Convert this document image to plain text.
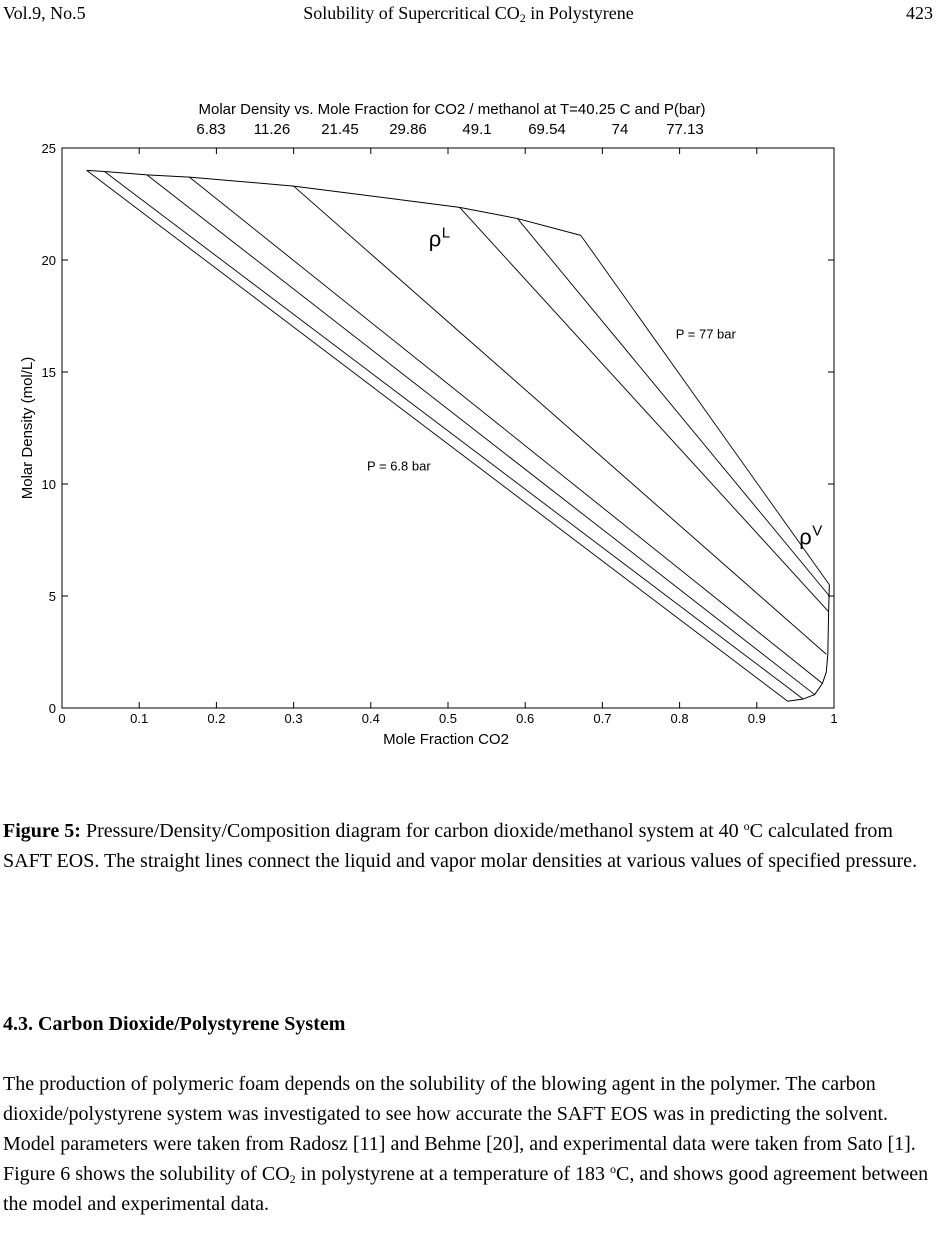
Vol.9, No.5	Solubility of Supercritical $CO_2$ in Polystyrene	423
Molar Density vs. Mole Fraction for CO2 / methanol at T=40.25 C and P(bar)
6.83 11.26 21.45 29.86 49.1 69.54	74	77.13
0	0.1	0.2	0.3	0.4	0.5	0.6	0.7	0.8	0.9	1
0
5
10
15
20
25
ρ L
ρ V
P = 77 bar
P = 6.8 bar
Mole Fraction CO2
Molar Density (mol/L)
Figure 5: Pressure/Density/Composition diagram for carbon dioxide/methanol system at 40 $^o$C calculated from SAFT EOS. The straight lines connect the liquid and vapor molar densities at various values of specified pressure.
4.3. Carbon Dioxide/Polystyrene System
The production of polymeric foam depends on the solubility of the blowing agent in the polymer. The carbon dioxide/polystyrene system was investigated to see how accurate the SAFT EOS was in predicting the solvent. Model parameters were taken from Radosz [11] and Behme [20], and experimental data were taken from Sato [1]. Figure 6 shows the solubility of $CO_2$ in polystyrene at a temperature of 183 $^o$C, and shows good agreement between the model and experimental data.
